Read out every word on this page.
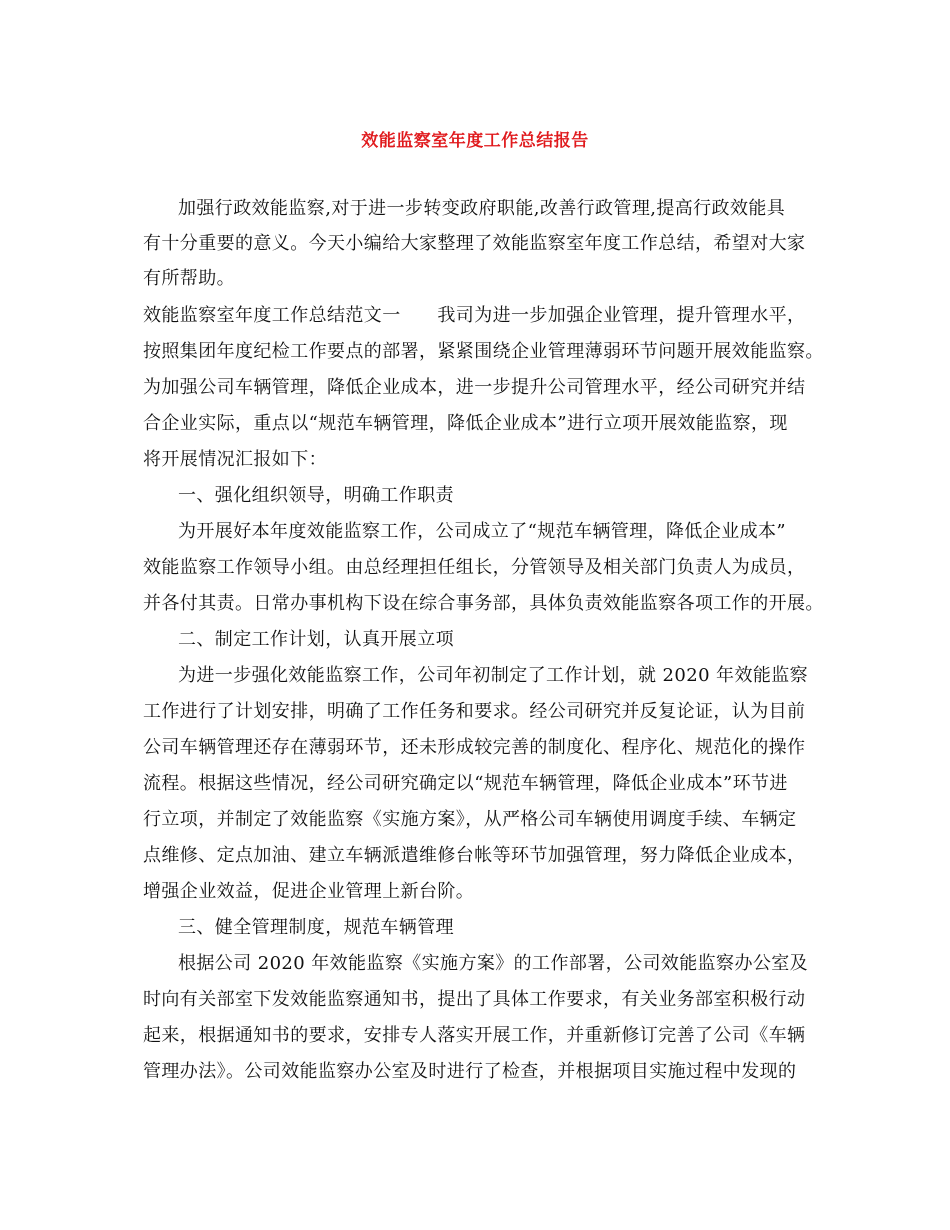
效能监察室年度工作总结报告
加强行政效能监察,对于进一步转变政府职能,改善行政管理,提高行政效能具
有十分重要的意义。今天小编给大家整理了效能监察室年度工作总结，希望对大家
有所帮助。
效能监察室年度工作总结范文一　　我司为进一步加强企业管理，提升管理水平，
按照集团年度纪检工作要点的部署，紧紧围绕企业管理薄弱环节问题开展效能监察。
为加强公司车辆管理，降低企业成本，进一步提升公司管理水平，经公司研究并结
合企业实际，重点以“规范车辆管理，降低企业成本”进行立项开展效能监察，现
将开展情况汇报如下：
一、强化组织领导，明确工作职责
为开展好本年度效能监察工作，公司成立了“规范车辆管理，降低企业成本”
效能监察工作领导小组。由总经理担任组长，分管领导及相关部门负责人为成员，
并各付其责。日常办事机构下设在综合事务部，具体负责效能监察各项工作的开展。
二、制定工作计划，认真开展立项
为进一步强化效能监察工作，公司年初制定了工作计划，就 2020 年效能监察
工作进行了计划安排，明确了工作任务和要求。经公司研究并反复论证，认为目前
公司车辆管理还存在薄弱环节，还未形成较完善的制度化、程序化、规范化的操作
流程。根据这些情况，经公司研究确定以“规范车辆管理，降低企业成本”环节进
行立项，并制定了效能监察《实施方案》，从严格公司车辆使用调度手续、车辆定
点维修、定点加油、建立车辆派遣维修台帐等环节加强管理，努力降低企业成本，
增强企业效益，促进企业管理上新台阶。
三、健全管理制度，规范车辆管理
根据公司 2020 年效能监察《实施方案》的工作部署，公司效能监察办公室及
时向有关部室下发效能监察通知书，提出了具体工作要求，有关业务部室积极行动
起来，根据通知书的要求，安排专人落实开展工作，并重新修订完善了公司《车辆
管理办法》。公司效能监察办公室及时进行了检查，并根据项目实施过程中发现的
